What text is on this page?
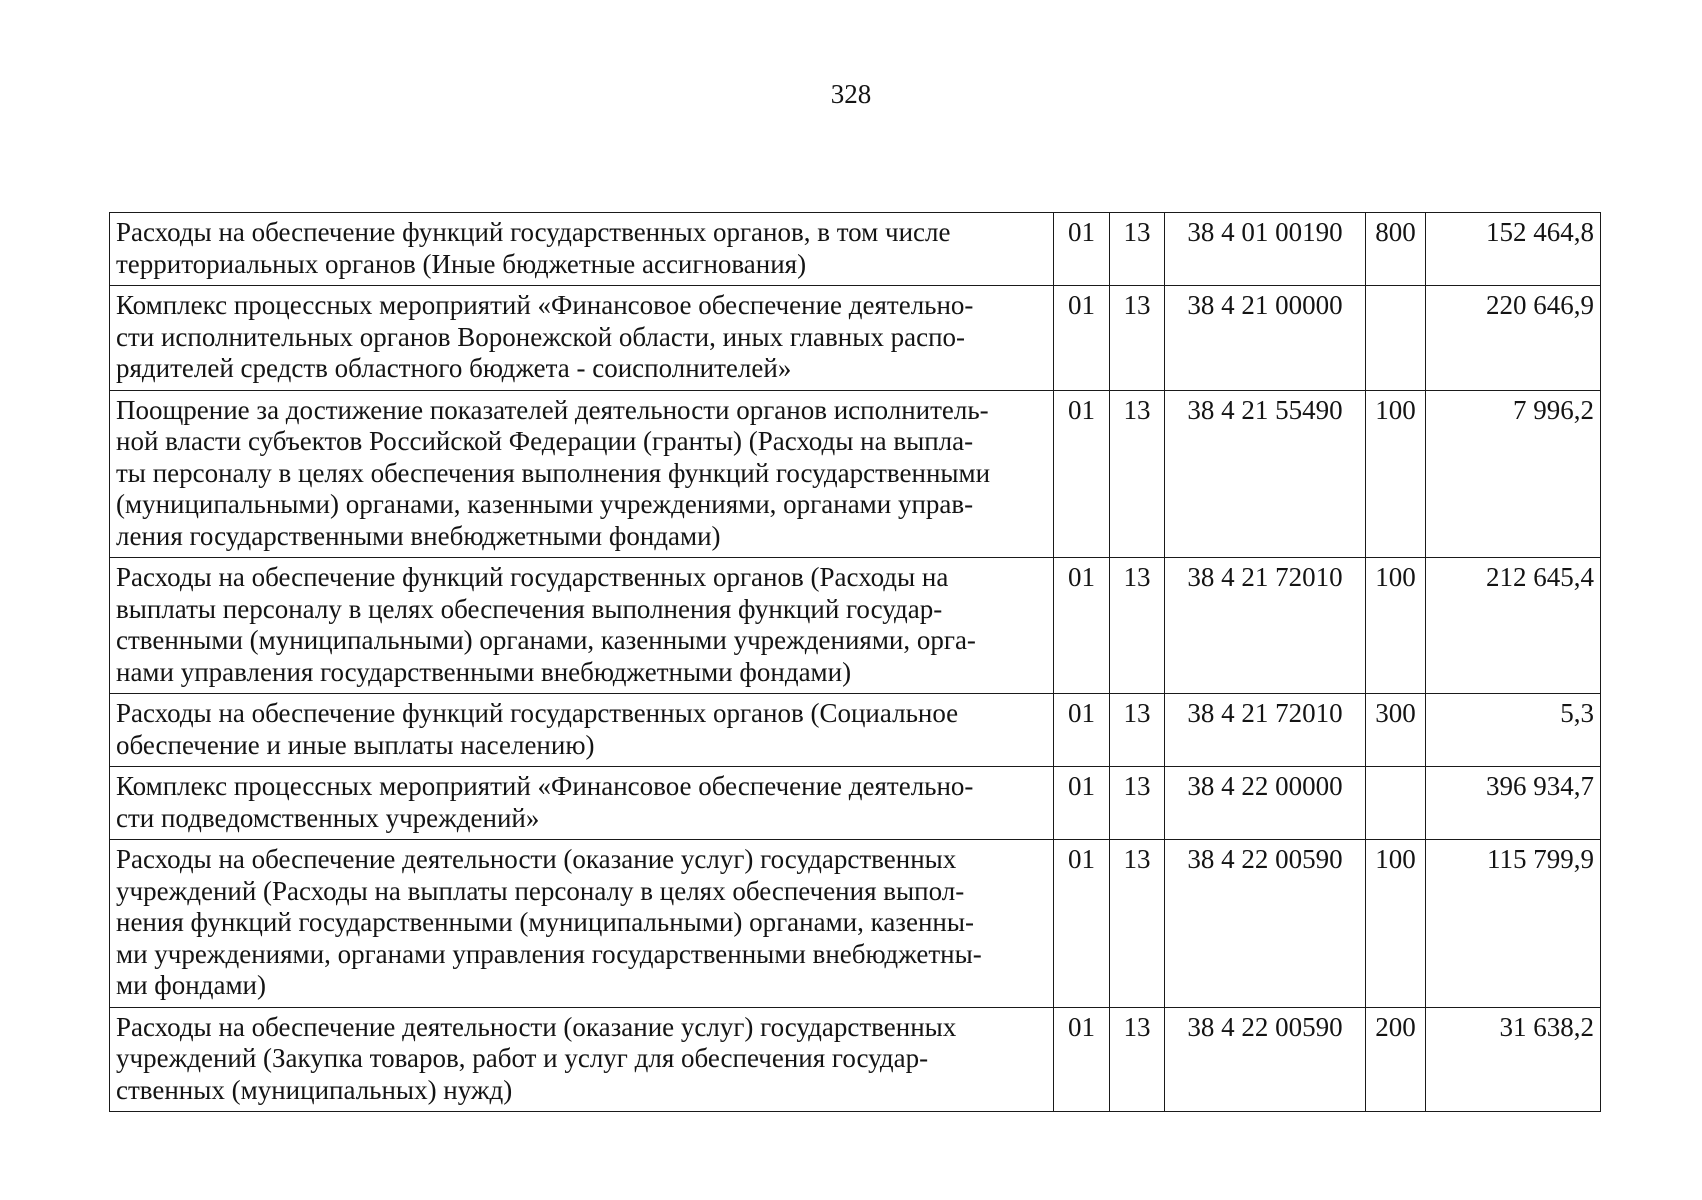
328
Расходы на обеспечение функций государственных органов, в том числе
территориальных органов (Иные бюджетные ассигнования)	01	13	38 4 01 00190	800	152 464,8

Комплекс процессных мероприятий «Финансовое обеспечение деятельно-
сти исполнительных органов Воронежской области, иных главных распо-
рядителей средств областного бюджета - соисполнителей»	01	13	38 4 21 00000		220 646,9

Поощрение за достижение показателей деятельности органов исполнитель-
ной власти субъектов Российской Федерации (гранты) (Расходы на выпла-
ты персоналу в целях обеспечения выполнения функций государственными
(муниципальными) органами, казенными учреждениями, органами управ-
ления государственными внебюджетными фондами)	01	13	38 4 21 55490	100	7 996,2

Расходы на обеспечение функций государственных органов (Расходы на
выплаты персоналу в целях обеспечения выполнения функций государ-
ственными (муниципальными) органами, казенными учреждениями, орга-
нами управления государственными внебюджетными фондами)	01	13	38 4 21 72010	100	212 645,4

Расходы на обеспечение функций государственных органов (Социальное
обеспечение и иные выплаты населению)	01	13	38 4 21 72010	300	5,3

Комплекс процессных мероприятий «Финансовое обеспечение деятельно-
сти подведомственных учреждений»	01	13	38 4 22 00000		396 934,7

Расходы на обеспечение деятельности (оказание услуг) государственных
учреждений (Расходы на выплаты персоналу в целях обеспечения выпол-
нения функций государственными (муниципальными) органами, казенны-
ми учреждениями, органами управления государственными внебюджетны-
ми фондами)	01	13	38 4 22 00590	100	115 799,9

Расходы на обеспечение деятельности (оказание услуг) государственных
учреждений (Закупка товаров, работ и услуг для обеспечения государ-
ственных (муниципальных) нужд)	01	13	38 4 22 00590	200	31 638,2
